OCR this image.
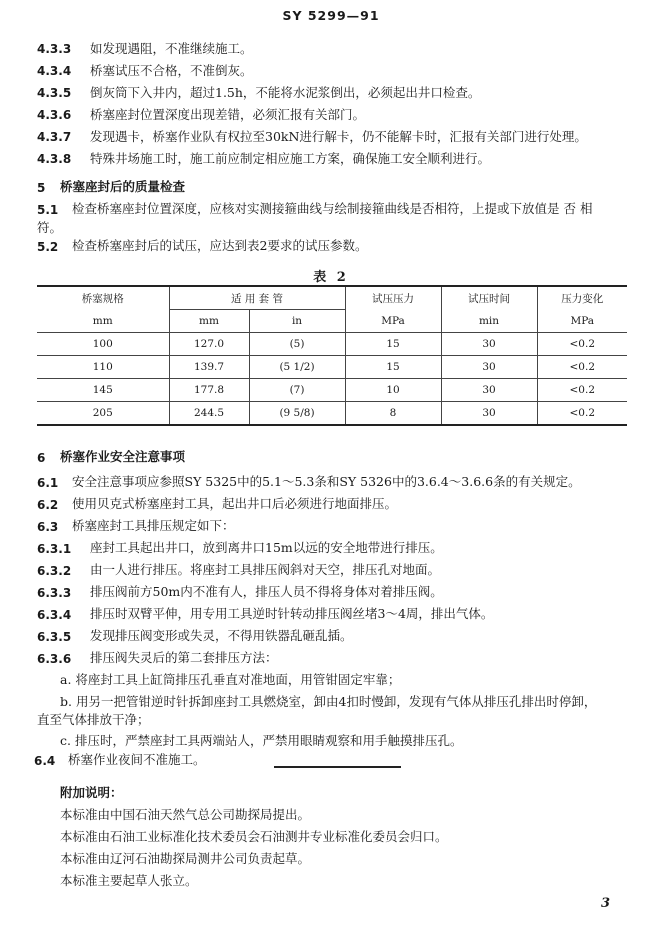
SY 5299—91
4.3.3 如发现遇阻，不准继续施工。
4.3.4 桥塞试压不合格，不准倒灰。
4.3.5 倒灰筒下入井内，超过1.5h，不能将水泥浆倒出，必须起出井口检查。
4.3.6 桥塞座封位置深度出现差错，必须汇报有关部门。
4.3.7 发现遇卡，桥塞作业队有权拉至30kN进行解卡，仍不能解卡时，汇报有关部门进行处理。
4.3.8 特殊井场施工时，施工前应制定相应施工方案，确保施工安全顺利进行。
5 桥塞座封后的质量检查
5.1 检查桥塞座封位置深度，应核对实测接箍曲线与绘制接箍曲线是否相符，上提或下放值是 否 相
符。
5.2 检查桥塞座封后的试压，应达到表2要求的试压参数。
表 2
桥塞规格	适 用 套 管		试压压力	试压时间	压力变化
mm	mm	in	MPa	min	MPa
100	127.0	(5)	15	30	<0.2
110	139.7	(5 1/2)	15	30	<0.2
145	177.8	(7)	10	30	<0.2
205	244.5	(9 5/8)	8	30	<0.2
6 桥塞作业安全注意事项
6.1 安全注意事项应参照SY 5325中的5.1～5.3条和SY 5326中的3.6.4～3.6.6条的有关规定。
6.2 使用贝克式桥塞座封工具，起出井口后必须进行地面排压。
6.3 桥塞座封工具排压规定如下：
6.3.1 座封工具起出井口，放到离井口15m以远的安全地带进行排压。
6.3.2 由一人进行排压。将座封工具排压阀斜对天空，排压孔对地面。
6.3.3 排压阀前方50m内不准有人，排压人员不得将身体对着排压阀。
6.3.4 排压时双臂平伸，用专用工具逆时针转动排压阀丝堵3～4周，排出气体。
6.3.5 发现排压阀变形或失灵，不得用铁器乱砸乱插。
6.3.6 排压阀失灵后的第二套排压方法：
a. 将座封工具上缸筒排压孔垂直对准地面，用管钳固定牢靠；
b. 用另一把管钳逆时针拆卸座封工具燃烧室，卸由4扣时慢卸，发现有气体从排压孔排出时停卸，
直至气体排放干净；
c. 排压时，严禁座封工具两端站人，严禁用眼睛观察和用手触摸排压孔。
6.4 桥塞作业夜间不准施工。
附加说明：
本标准由中国石油天然气总公司勘探局提出。
本标准由石油工业标准化技术委员会石油测井专业标准化委员会归口。
本标准由辽河石油勘探局测井公司负责起草。
本标准主要起草人张立。
3
